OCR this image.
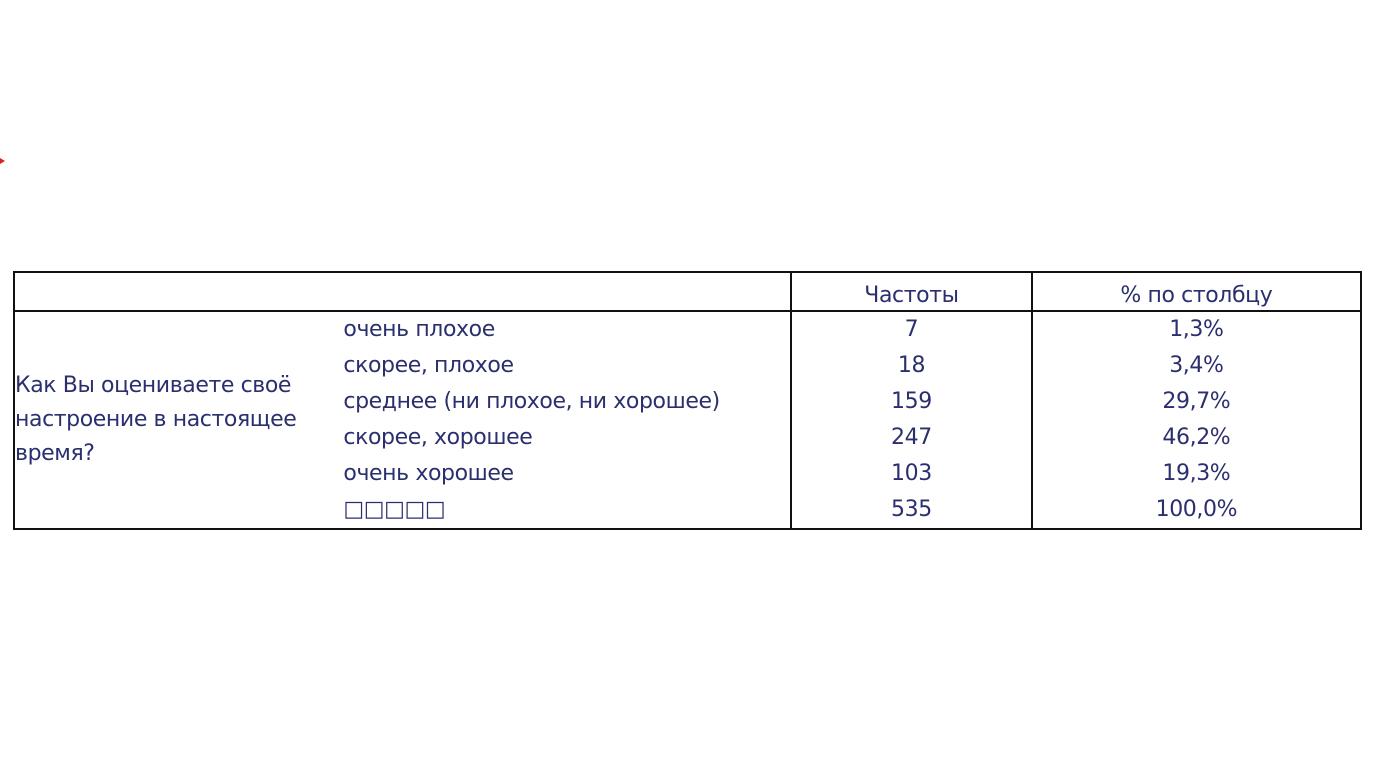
		Частоты	% по столбцу
Как Вы оцениваете своё настроение в настоящее время?	очень плохое	7	1,3%
	скорее, плохое	18	3,4%
	среднее (ни плохое, ни хорошее)	159	29,7%
	скорее, хорошее	247	46,2%
	очень хорошее	103	19,3%
	□□□□□	535	100,0%
